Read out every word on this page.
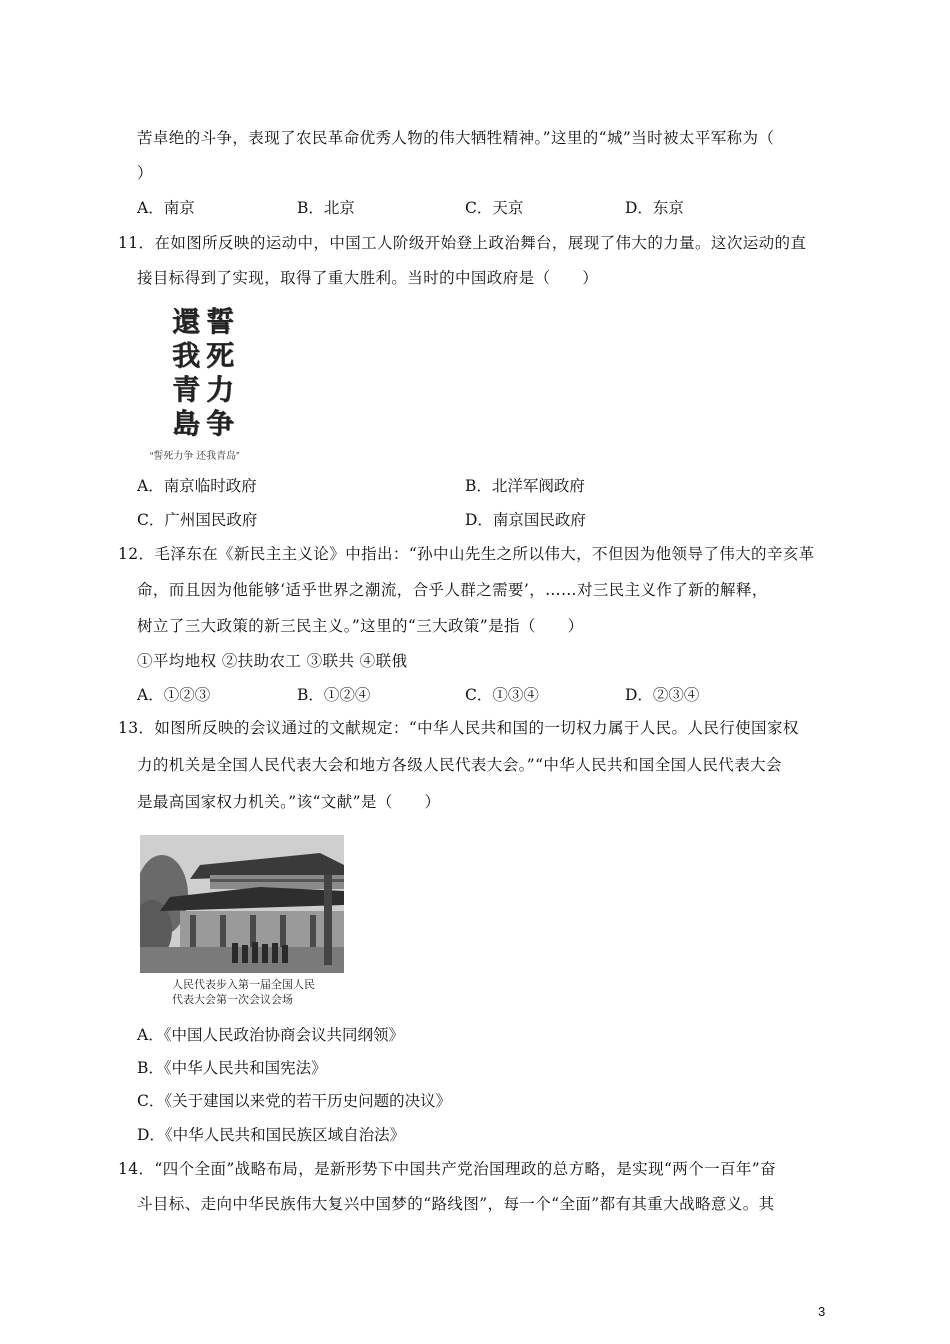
苦卓绝的斗争，表现了农民革命优秀人物的伟大牺牲精神。”这里的“城”当时被太平军称为（
）
A．南京	B．北京	C．天京	D．东京
11．在如图所反映的运动中，中国工人阶级开始登上政治舞台，展现了伟大的力量。这次运动的直
接目标得到了实现，取得了重大胜利。当时的中国政府是（　　）
誓
死
力
争
還
我
青
島
“誓死力争 还我青岛”
A．南京临时政府	B．北洋军阀政府
C．广州国民政府	D．南京国民政府
12．毛泽东在《新民主主义论》中指出：“孙中山先生之所以伟大，不但因为他领导了伟大的辛亥革
命，而且因为他能够‘适乎世界之潮流，合乎人群之需要’，……对三民主义作了新的解释，
树立了三大政策的新三民主义。”这里的“三大政策”是指（　　）
①平均地权 ②扶助农工 ③联共 ④联俄
A．①②③	B．①②④	C．①③④	D．②③④
13．如图所反映的会议通过的文献规定：“中华人民共和国的一切权力属于人民。人民行使国家权
力的机关是全国人民代表大会和地方各级人民代表大会。”“中华人民共和国全国人民代表大会
是最高国家权力机关。”该“文献”是（　　）
人民代表步入第一届全国人民
代表大会第一次会议会场
A．《中国人民政治协商会议共同纲领》
B．《中华人民共和国宪法》
C．《关于建国以来党的若干历史问题的决议》
D．《中华人民共和国民族区域自治法》
14．“四个全面”战略布局，是新形势下中国共产党治国理政的总方略，是实现“两个一百年”奋
斗目标、走向中华民族伟大复兴中国梦的“路线图”，每一个“全面”都有其重大战略意义。其
3
